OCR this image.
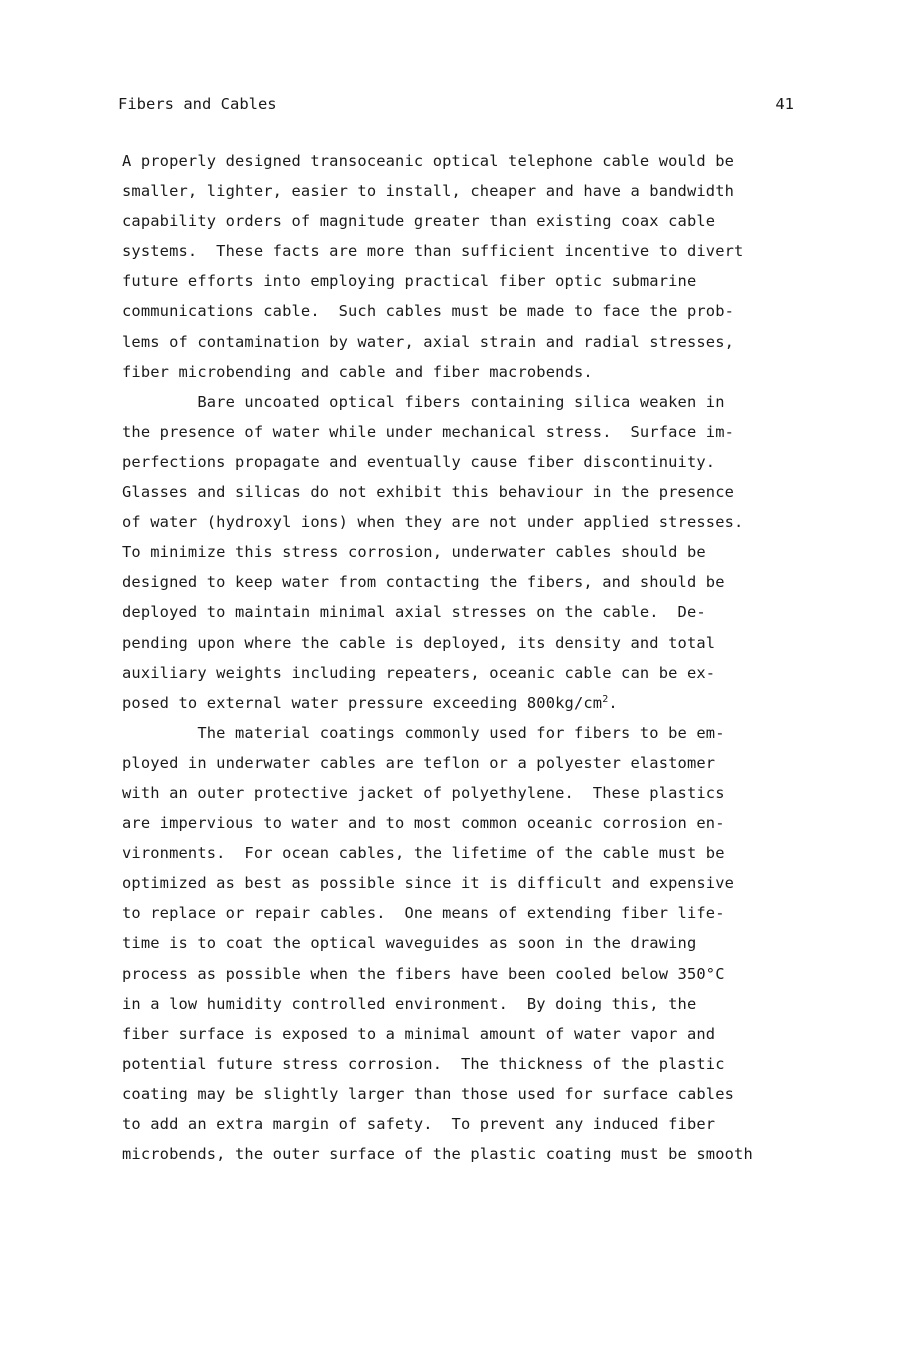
Fibers and Cables	41
A properly designed transoceanic optical telephone cable would be
smaller, lighter, easier to install, cheaper and have a bandwidth
capability orders of magnitude greater than existing coax cable
systems.  These facts are more than sufficient incentive to divert
future efforts into employing practical fiber optic submarine
communications cable.  Such cables must be made to face the prob-
lems of contamination by water, axial strain and radial stresses,
fiber microbending and cable and fiber macrobends.
Bare uncoated optical fibers containing silica weaken in
the presence of water while under mechanical stress.  Surface im-
perfections propagate and eventually cause fiber discontinuity.
Glasses and silicas do not exhibit this behaviour in the presence
of water (hydroxyl ions) when they are not under applied stresses.
To minimize this stress corrosion, underwater cables should be
designed to keep water from contacting the fibers, and should be
deployed to maintain minimal axial stresses on the cable.  De-
pending upon where the cable is deployed, its density and total
auxiliary weights including repeaters, oceanic cable can be ex-
posed to external water pressure exceeding $800kg/cm^2$.
The material coatings commonly used for fibers to be em-
ployed in underwater cables are teflon or a polyester elastomer
with an outer protective jacket of polyethylene.  These plastics
are impervious to water and to most common oceanic corrosion en-
vironments.  For ocean cables, the lifetime of the cable must be
optimized as best as possible since it is difficult and expensive
to replace or repair cables.  One means of extending fiber life-
time is to coat the optical waveguides as soon in the drawing
process as possible when the fibers have been cooled below 350°C
in a low humidity controlled environment.  By doing this, the
fiber surface is exposed to a minimal amount of water vapor and
potential future stress corrosion.  The thickness of the plastic
coating may be slightly larger than those used for surface cables
to add an extra margin of safety.  To prevent any induced fiber
microbends, the outer surface of the plastic coating must be smooth
